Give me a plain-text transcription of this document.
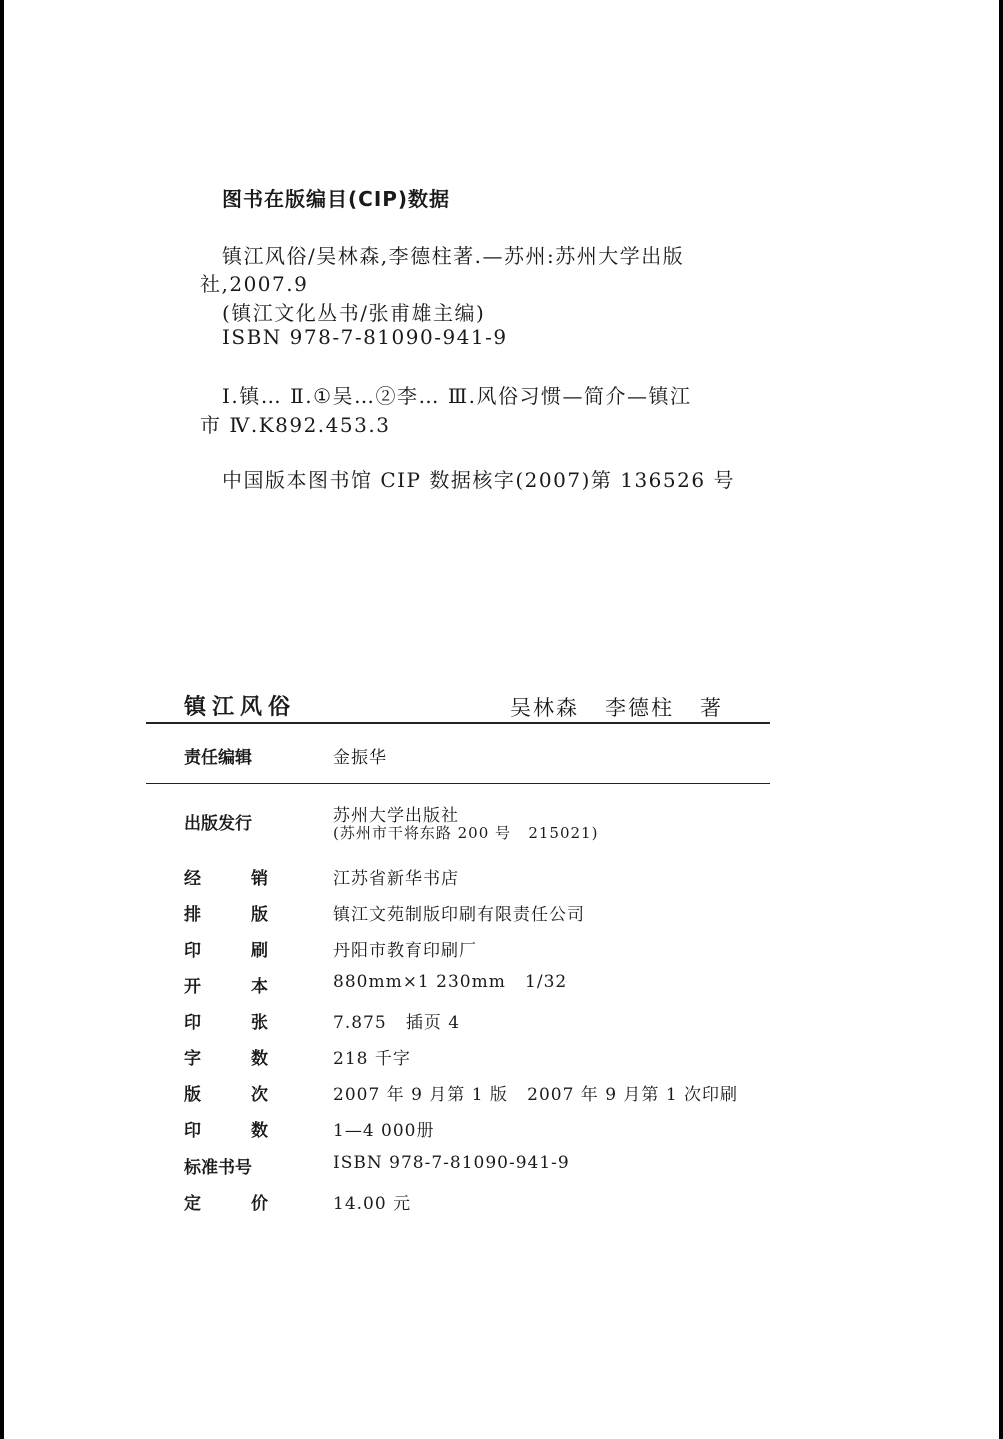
图书在版编目(CIP)数据
镇江风俗/吴林森,李德柱著.—苏州:苏州大学出版
社,2007.9
(镇江文化丛书/张甫雄主编)
ISBN 978-7-81090-941-9
Ⅰ.镇… Ⅱ.①吴…②李… Ⅲ.风俗习惯—简介—镇江
市 Ⅳ.K892.453.3
中国版本图书馆 CIP 数据核字(2007)第 136526 号
镇江风俗	吴林森   李德柱   著
责任编辑	金振华
出版发行	苏州大学出版社
(苏州市干将东路 200 号   215021)
经	销	江苏省新华书店
排	版	镇江文苑制版印刷有限责任公司
印	刷	丹阳市教育印刷厂
开	本	880mm×1 230mm   1/32
印	张	7.875   插页 4
字	数	218 千字
版	次	2007 年 9 月第 1 版   2007 年 9 月第 1 次印刷
印	数	1—4 000册
标准书号	ISBN 978-7-81090-941-9
定	价	14.00 元
